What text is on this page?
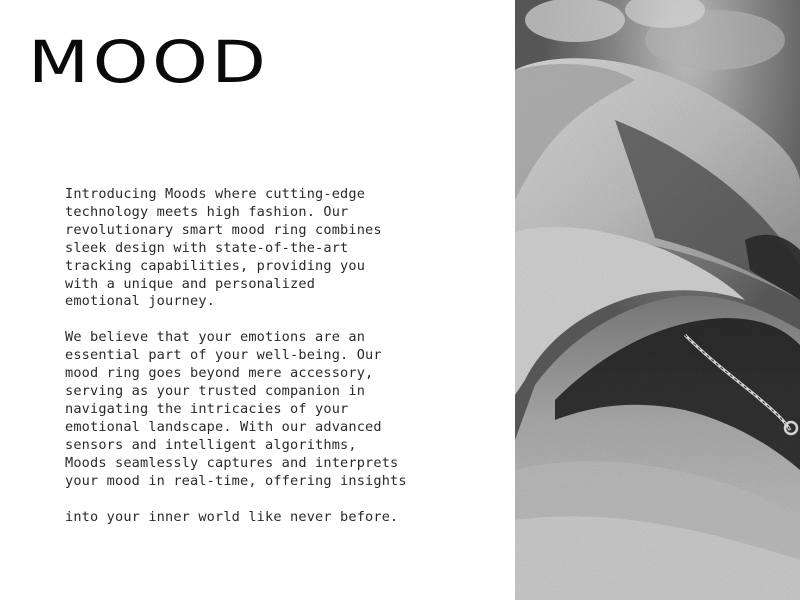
MOOD

Introducing Moods where cutting-edge
technology meets high fashion. Our
revolutionary smart mood ring combines
sleek design with state-of-the-art
tracking capabilities, providing you
with a unique and personalized
emotional journey.

We believe that your emotions are an
essential part of your well-being. Our
mood ring goes beyond mere accessory,
serving as your trusted companion in
navigating the intricacies of your
emotional landscape. With our advanced
sensors and intelligent algorithms,
Moods seamlessly captures and interprets
your mood in real-time, offering insights

into your inner world like never before.
